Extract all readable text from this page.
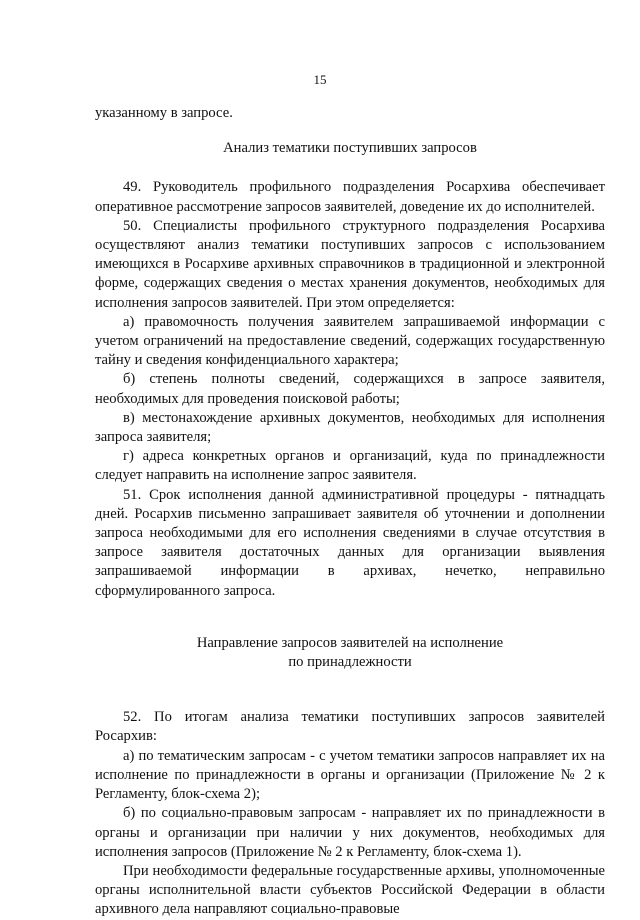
15

указанному в запросе.

Анализ тематики поступивших запросов

49. Руководитель профильного подразделения Росархива обеспечивает оперативное рассмотрение запросов заявителей, доведение их до исполнителей.

50. Специалисты профильного структурного подразделения Росархива осуществляют анализ тематики поступивших запросов с использованием имеющихся в Росархиве архивных справочников в традиционной и электронной форме, содержащих сведения о местах хранения документов, необходимых для исполнения запросов заявителей. При этом определяется:

а) правомочность получения заявителем запрашиваемой информации с учетом ограничений на предоставление сведений, содержащих государственную тайну и сведения конфиденциального характера;

б) степень полноты сведений, содержащихся в запросе заявителя, необходимых для проведения поисковой работы;

в) местонахождение архивных документов, необходимых для исполнения запроса заявителя;

г) адреса конкретных органов и организаций, куда по принадлежности следует направить на исполнение запрос заявителя.

51. Срок исполнения данной административной процедуры - пятнадцать дней. Росархив письменно запрашивает заявителя об уточнении и дополнении запроса необходимыми для его исполнения сведениями в случае отсутствия в запросе заявителя достаточных данных для организации выявления запрашиваемой информации в архивах, нечетко, неправильно сформулированного запроса.

Направление запросов заявителей на исполнение
по принадлежности

52. По итогам анализа тематики поступивших запросов заявителей Росархив:

а) по тематическим запросам - с учетом тематики запросов направляет их на исполнение по принадлежности в органы и организации (Приложение № 2 к Регламенту, блок-схема 2);

б) по социально-правовым запросам - направляет их по принадлежности в органы и организации при наличии у них документов, необходимых для исполнения запросов (Приложение № 2 к Регламенту, блок-схема 1).

При необходимости федеральные государственные архивы, уполномоченные органы исполнительной власти субъектов Российской Федерации в области архивного дела направляют социально-правовые
